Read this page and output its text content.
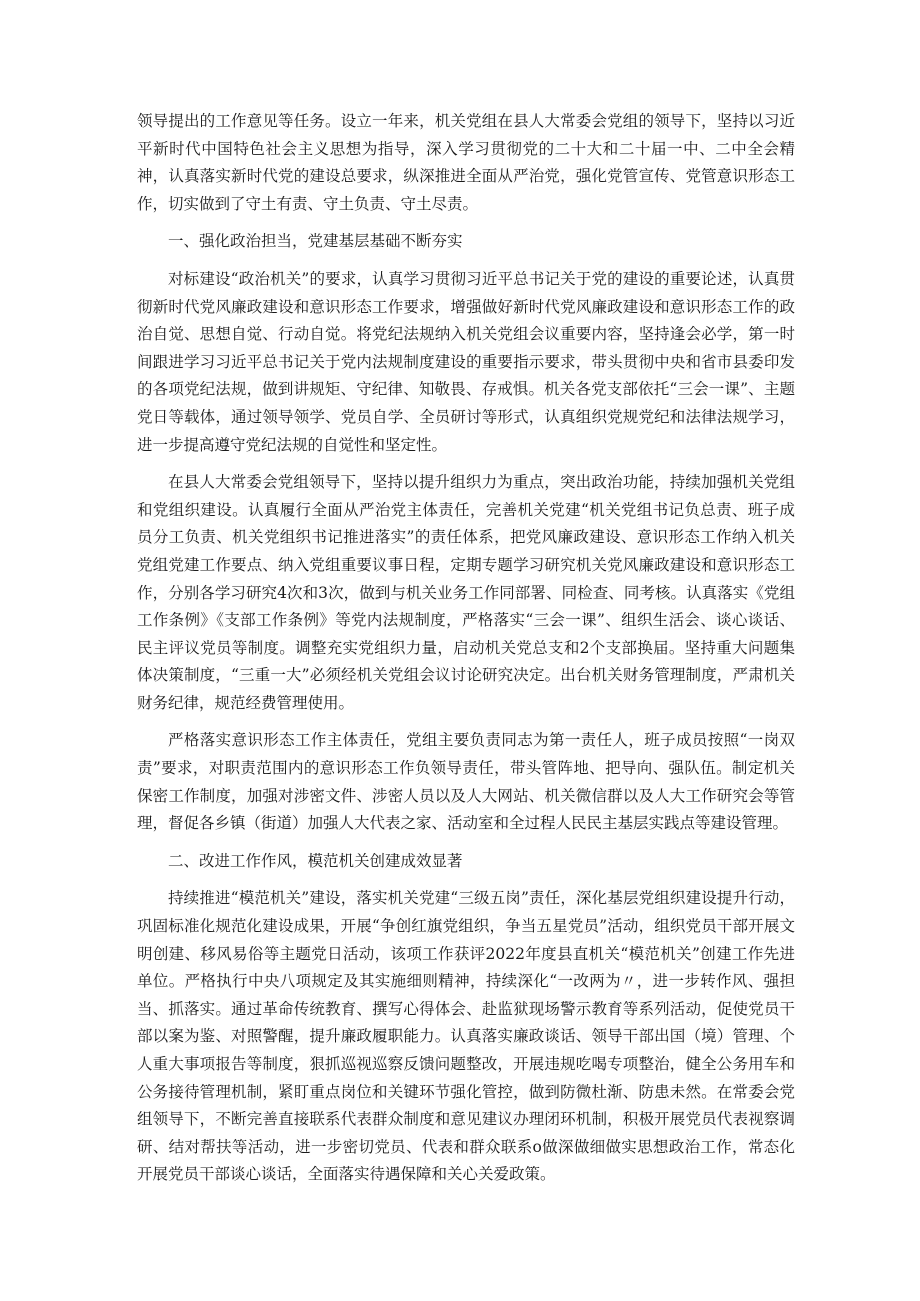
领导提出的工作意见等任务。设立一年来，机关党组在县人大常委会党组的领导下，坚持以习近平新时代中国特色社会主义思想为指导，深入学习贯彻党的二十大和二十届一中、二中全会精神，认真落实新时代党的建设总要求，纵深推进全面从严治党，强化党管宣传、党管意识形态工作，切实做到了守土有责、守土负责、守土尽责。

一、强化政治担当，党建基层基础不断夯实

对标建设“政治机关”的要求，认真学习贯彻习近平总书记关于党的建设的重要论述，认真贯彻新时代党风廉政建设和意识形态工作要求，增强做好新时代党风廉政建设和意识形态工作的政治自觉、思想自觉、行动自觉。将党纪法规纳入机关党组会议重要内容，坚持逢会必学，第一时间跟进学习习近平总书记关于党内法规制度建设的重要指示要求，带头贯彻中央和省市县委印发的各项党纪法规，做到讲规矩、守纪律、知敬畏、存戒惧。机关各党支部依托“三会一课”、主题党日等载体，通过领导领学、党员自学、全员研讨等形式，认真组织党规党纪和法律法规学习，进一步提高遵守党纪法规的自觉性和坚定性。

在县人大常委会党组领导下，坚持以提升组织力为重点，突出政治功能，持续加强机关党组和党组织建设。认真履行全面从严治党主体责任，完善机关党建“机关党组书记负总责、班子成员分工负责、机关党组织书记推进落实”的责任体系，把党风廉政建设、意识形态工作纳入机关党组党建工作要点、纳入党组重要议事日程，定期专题学习研究机关党风廉政建设和意识形态工作，分别各学习研究4次和3次，做到与机关业务工作同部署、同检查、同考核。认真落实《党组工作条例》《支部工作条例》等党内法规制度，严格落实“三会一课”、组织生活会、谈心谈话、民主评议党员等制度。调整充实党组织力量，启动机关党总支和2个支部换届。坚持重大问题集体决策制度，“三重一大”必须经机关党组会议讨论研究决定。出台机关财务管理制度，严肃机关财务纪律，规范经费管理使用。

严格落实意识形态工作主体责任，党组主要负责同志为第一责任人，班子成员按照“一岗双责”要求，对职责范围内的意识形态工作负领导责任，带头管阵地、把导向、强队伍。制定机关保密工作制度，加强对涉密文件、涉密人员以及人大网站、机关微信群以及人大工作研究会等管理，督促各乡镇（街道）加强人大代表之家、活动室和全过程人民民主基层实践点等建设管理。

二、改进工作作风，模范机关创建成效显著

持续推进“模范机关”建设，落实机关党建“三级五岗”责任，深化基层党组织建设提升行动，巩固标准化规范化建设成果，开展“争创红旗党组织，争当五星党员”活动，组织党员干部开展文明创建、移风易俗等主题党日活动，该项工作获评2022年度县直机关“模范机关”创建工作先进单位。严格执行中央八项规定及其实施细则精神，持续深化“一改两为〃，进一步转作风、强担当、抓落实。通过革命传统教育、撰写心得体会、赴监狱现场警示教育等系列活动，促使党员干部以案为鉴、对照警醒，提升廉政履职能力。认真落实廉政谈话、领导干部出国（境）管理、个人重大事项报告等制度，狠抓巡视巡察反馈问题整改，开展违规吃喝专项整治，健全公务用车和公务接待管理机制，紧盯重点岗位和关键环节强化管控，做到防微杜渐、防患未然。在常委会党组领导下，不断完善直接联系代表群众制度和意见建议办理闭环机制，积极开展党员代表视察调研、结对帮扶等活动，进一步密切党员、代表和群众联系o做深做细做实思想政治工作，常态化开展党员干部谈心谈话，全面落实待遇保障和关心关爱政策。
